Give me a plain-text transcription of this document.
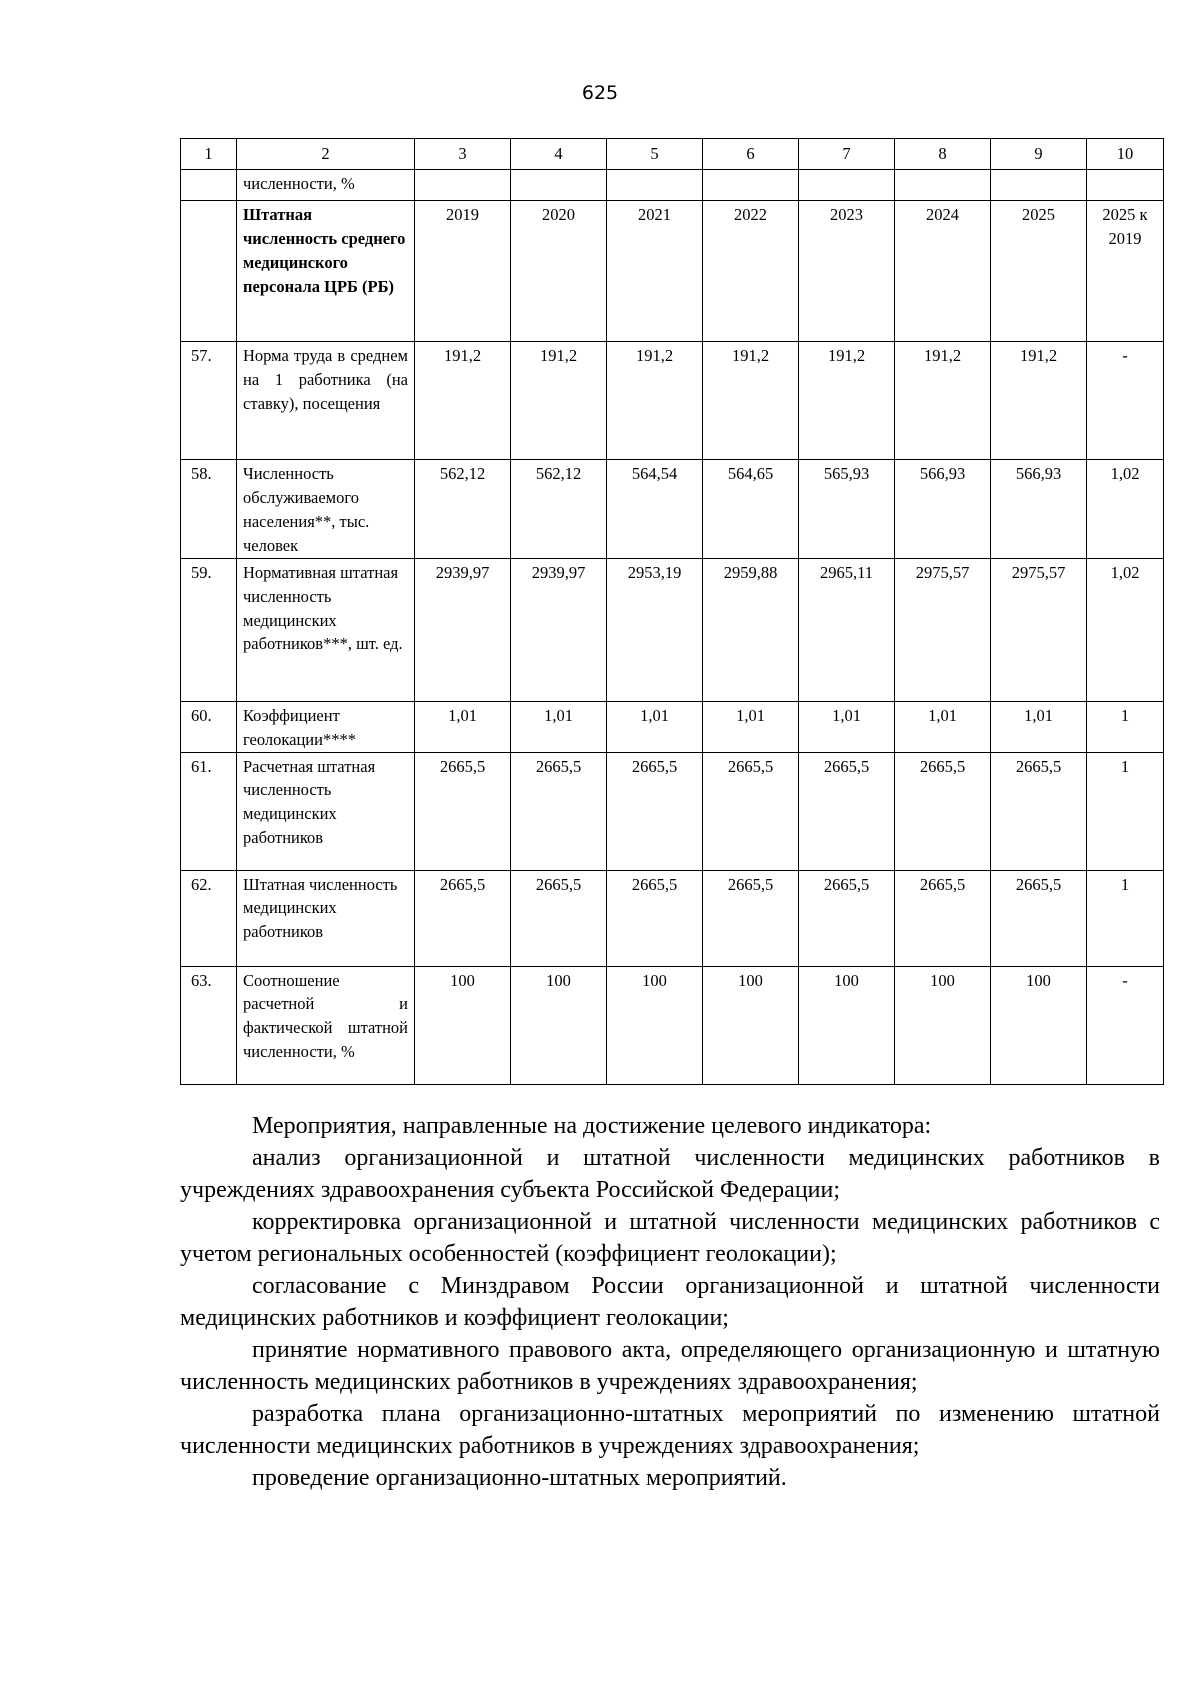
625
1	2	3	4	5	6	7	8	9	10
	численности, %								
	Штатная численность среднего медицинского персонала ЦРБ (РБ)	2019	2020	2021	2022	2023	2024	2025	2025 к 2019
57.	Норма труда в среднем на 1 работника (на ставку), посещения	191,2	191,2	191,2	191,2	191,2	191,2	191,2	-
58.	Численность обслуживаемого населения**, тыс. человек	562,12	562,12	564,54	564,65	565,93	566,93	566,93	1,02
59.	Нормативная штатная численность медицинских работников***, шт. ед.	2939,97	2939,97	2953,19	2959,88	2965,11	2975,57	2975,57	1,02
60.	Коэффициент геолокации****	1,01	1,01	1,01	1,01	1,01	1,01	1,01	1
61.	Расчетная штатная численность медицинских работников	2665,5	2665,5	2665,5	2665,5	2665,5	2665,5	2665,5	1
62.	Штатная численность медицинских работников	2665,5	2665,5	2665,5	2665,5	2665,5	2665,5	2665,5	1
63.	Соотношение расчетной и фактической штатной численности, %	100	100	100	100	100	100	100	-

Мероприятия, направленные на достижение целевого индикатора:

анализ организационной и штатной численности медицинских работников в учреждениях здравоохранения субъекта Российской Федерации;

корректировка организационной и штатной численности медицинских работников с учетом региональных особенностей (коэффициент геолокации);

согласование с Минздравом России организационной и штатной численности медицинских работников и коэффициент геолокации;

принятие нормативного правового акта, определяющего организационную и штатную численность медицинских работников в учреждениях здравоохранения;

разработка плана организационно-штатных мероприятий по изменению штатной численности медицинских работников в учреждениях здравоохранения;

проведение организационно-штатных мероприятий.
